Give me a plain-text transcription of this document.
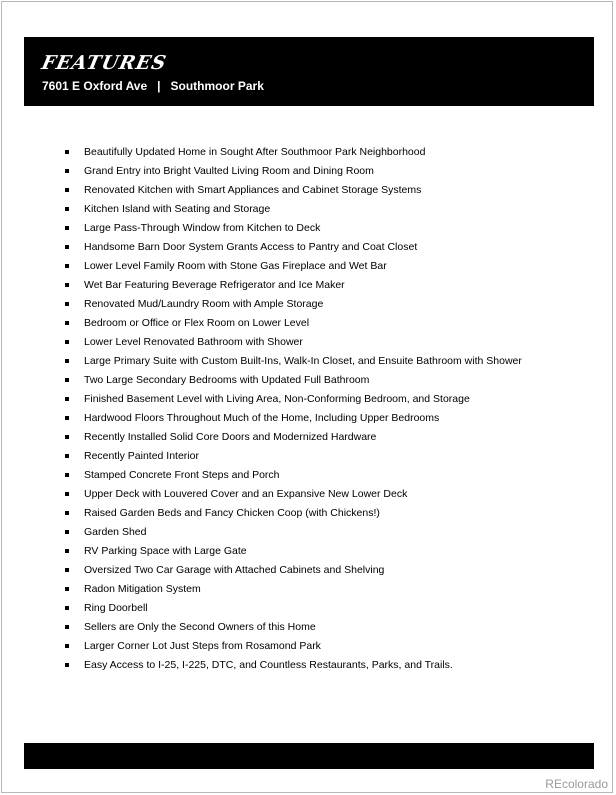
FEATURES
7601 E Oxford Ave   |   Southmoor Park
Beautifully Updated Home in Sought After Southmoor Park Neighborhood
Grand Entry into Bright Vaulted Living Room and Dining Room
Renovated Kitchen with Smart Appliances and Cabinet Storage Systems
Kitchen Island with Seating and Storage
Large Pass-Through Window from Kitchen to Deck
Handsome Barn Door System Grants Access to Pantry and Coat Closet
Lower Level Family Room with Stone Gas Fireplace and Wet Bar
Wet Bar Featuring Beverage Refrigerator and Ice Maker
Renovated Mud/Laundry Room with Ample Storage
Bedroom or Office or Flex Room on Lower Level
Lower Level Renovated Bathroom with Shower
Large Primary Suite with Custom Built-Ins, Walk-In Closet, and Ensuite Bathroom with Shower
Two Large Secondary Bedrooms with Updated Full Bathroom
Finished Basement Level with Living Area, Non-Conforming Bedroom, and Storage
Hardwood Floors Throughout Much of the Home, Including Upper Bedrooms
Recently Installed Solid Core Doors and Modernized Hardware
Recently Painted Interior
Stamped Concrete Front Steps and Porch
Upper Deck with Louvered Cover and an Expansive New Lower Deck
Raised Garden Beds and Fancy Chicken Coop (with Chickens!)
Garden Shed
RV Parking Space with Large Gate
Oversized Two Car Garage with Attached Cabinets and Shelving
Radon Mitigation System
Ring Doorbell
Sellers are Only the Second Owners of this Home
Larger Corner Lot Just Steps from Rosamond Park
Easy Access to I-25, I-225, DTC, and Countless Restaurants, Parks, and Trails.
REcolorado
